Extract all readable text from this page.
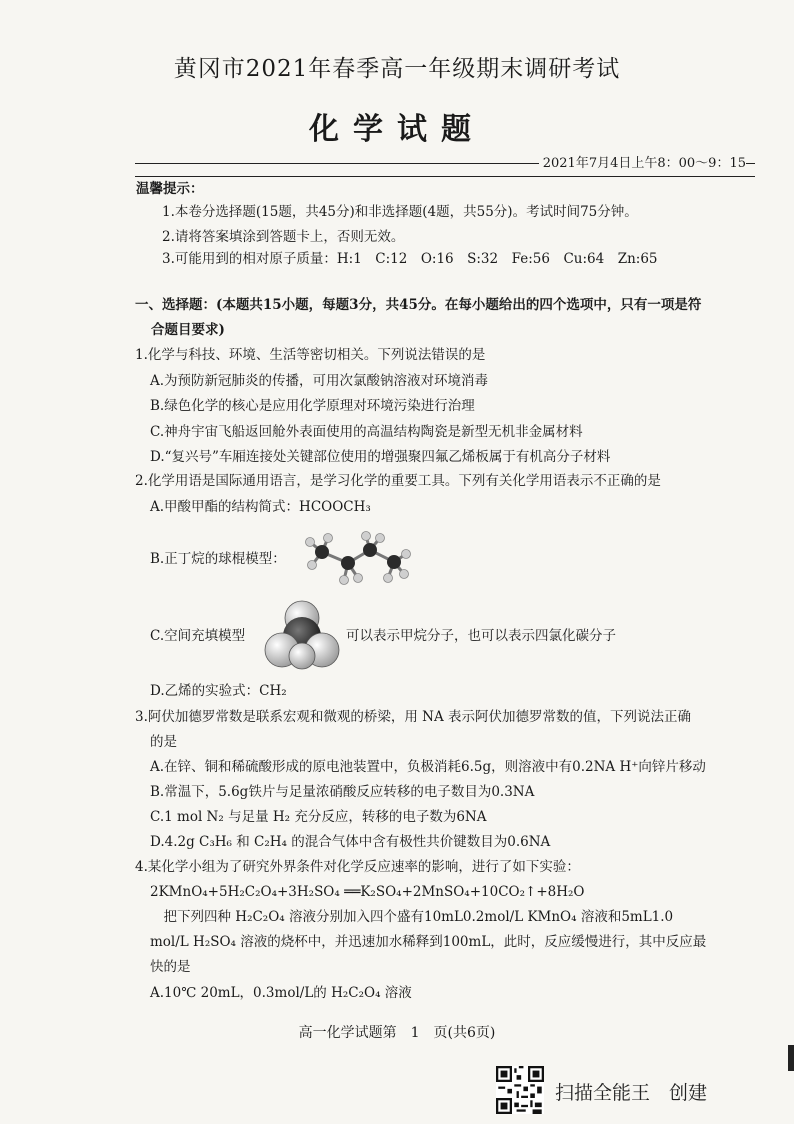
黄冈市2021年春季高一年级期末调研考试
化学试题
2021年7月4日上午8：00～9：15
温馨提示：
1.本卷分选择题(15题，共45分)和非选择题(4题，共55分)。考试时间75分钟。
2.请将答案填涂到答题卡上，否则无效。
3.可能用到的相对原子质量：H:1　C:12　O:16　S:32　Fe:56　Cu:64　Zn:65
一、选择题：(本题共15小题，每题3分，共45分。在每小题给出的四个选项中，只有一项是符
合题目要求)
1.化学与科技、环境、生活等密切相关。下列说法错误的是
A.为预防新冠肺炎的传播，可用次氯酸钠溶液对环境消毒
B.绿色化学的核心是应用化学原理对环境污染进行治理
C.神舟宇宙飞船返回舱外表面使用的高温结构陶瓷是新型无机非金属材料
D.“复兴号”车厢连接处关键部位使用的增强聚四氟乙烯板属于有机高分子材料
2.化学用语是国际通用语言，是学习化学的重要工具。下列有关化学用语表示不正确的是
A.甲酸甲酯的结构简式：HCOOCH₃
B.正丁烷的球棍模型：
C.空间充填模型	可以表示甲烷分子，也可以表示四氯化碳分子
D.乙烯的实验式：CH₂
3.阿伏加德罗常数是联系宏观和微观的桥梁，用 NA 表示阿伏加德罗常数的值，下列说法正确
的是
A.在锌、铜和稀硫酸形成的原电池装置中，负极消耗6.5g，则溶液中有0.2NA H⁺向锌片移动
B.常温下，5.6g铁片与足量浓硝酸反应转移的电子数目为0.3NA
C.1 mol N₂ 与足量 H₂ 充分反应，转移的电子数为6NA
D.4.2g C₃H₆ 和 C₂H₄ 的混合气体中含有极性共价键数目为0.6NA
4.某化学小组为了研究外界条件对化学反应速率的影响，进行了如下实验：
2KMnO₄+5H₂C₂O₄+3H₂SO₄ ══K₂SO₄+2MnSO₄+10CO₂↑+8H₂O
　把下列四种 H₂C₂O₄ 溶液分别加入四个盛有10mL0.2mol/L KMnO₄ 溶液和5mL1.0
mol/L H₂SO₄ 溶液的烧杯中，并迅速加水稀释到100mL，此时，反应缓慢进行，其中反应最
快的是
A.10℃ 20mL，0.3mol/L的 H₂C₂O₄ 溶液
高一化学试题第　1　页(共6页)
扫描全能王　创建
